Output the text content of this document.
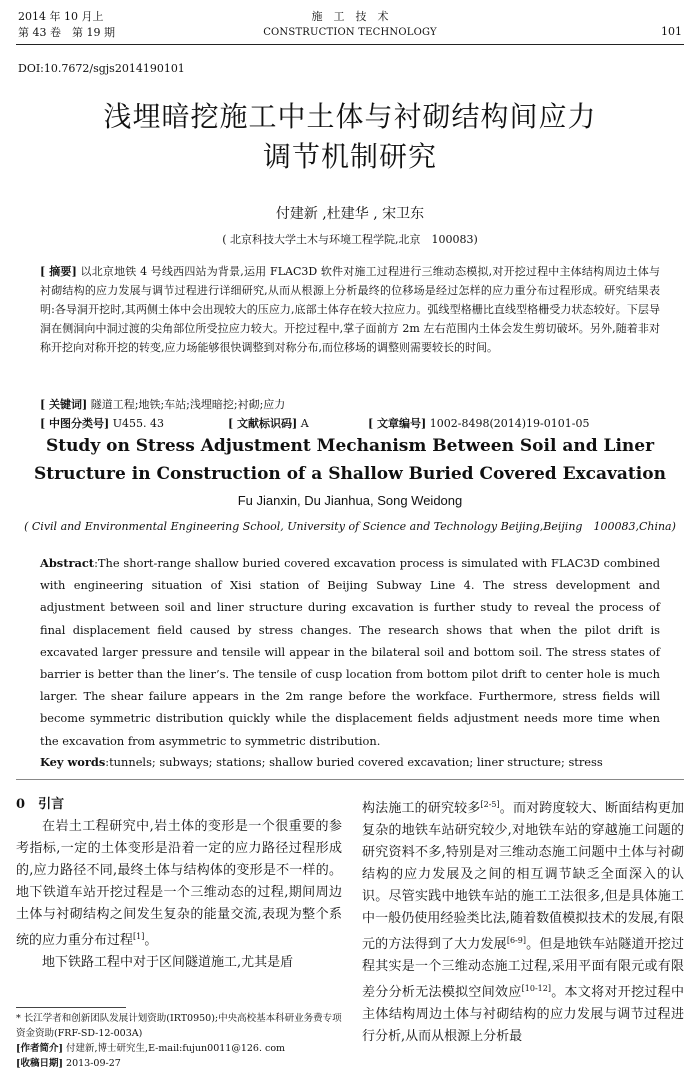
2014 年 10 月上
第 43 卷　第 19 期
施　工　技　术
CONSTRUCTION TECHNOLOGY	101
DOI:10.7672/sgjs2014190101
浅埋暗挖施工中土体与衬砌结构间应力
调节机制研究
付建新 ,杜建华 , 宋卫东
( 北京科技大学土木与环境工程学院,北京　100083)
[ 摘要] 以北京地铁 4 号线西四站为背景,运用 FLAC3D 软件对施工过程进行三维动态模拟,对开挖过程中主体结构周边土体与衬砌结构的应力发展与调节过程进行详细研究,从而从根源上分析最终的位移场是经过怎样的应力重分布过程形成。研究结果表明:各导洞开挖时,其两侧土体中会出现较大的压应力,底部土体存在较大拉应力。弧线型格栅比直线型格栅受力状态较好。下层导洞在侧洞向中洞过渡的尖角部位所受拉应力较大。开挖过程中,掌子面前方 2m 左右范围内土体会发生剪切破坏。另外,随着非对称开挖向对称开挖的转变,应力场能够很快调整到对称分布,而位移场的调整则需要较长的时间。
[ 关键词] 隧道工程;地铁;车站;浅埋暗挖;衬砌;应力
[ 中图分类号] U455. 43	[ 文献标识码] A	[ 文章编号] 1002-8498(2014)19-0101-05
Study on Stress Adjustment Mechanism Between Soil and Liner
Structure in Construction of a Shallow Buried Covered Excavation
Fu Jianxin, Du Jianhua, Song Weidong
( Civil and Environmental Engineering School, University of Science and Technology Beijing,Beijing　100083,China)
Abstract:The short-range shallow buried covered excavation process is simulated with FLAC3D combined with engineering situation of Xisi station of Beijing Subway Line 4. The stress development and adjustment between soil and liner structure during excavation is further study to reveal the process of final displacement field caused by stress changes. The research shows that when the pilot drift is excavated larger pressure and tensile will appear in the bilateral soil and bottom soil. The stress states of barrier is better than the liner’s. The tensile of cusp location from bottom pilot drift to center hole is much larger. The shear failure appears in the 2m range before the workface. Furthermore, stress fields will become symmetric distribution quickly while the displacement fields adjustment needs more time when the excavation from asymmetric to symmetric distribution.
Key words:tunnels; subways; stations; shallow buried covered excavation; liner structure; stress
0　 引言

在岩土工程研究中,岩土体的变形是一个很重要的参考指标,一定的土体变形是沿着一定的应力路径过程形成的,应力路径不同,最终土体与结构体的变形是不一样的。地下铁道车站开挖过程是一个三维动态的过程,期间周边土体与衬砌结构之间发生复杂的能量交流,表现为整个系统的应力重分布过程[1]。

地下铁路工程中对于区间隧道施工,尤其是盾

构法施工的研究较多[2-5]。而对跨度较大、断面结构更加复杂的地铁车站研究较少,对地铁车站的穿越施工问题的研究资料不多,特别是对三维动态施工问题中土体与衬砌结构的应力发展及之间的相互调节缺乏全面深入的认识。尽管实践中地铁车站的施工工法很多,但是具体施工中一般仍使用经验类比法,随着数值模拟技术的发展,有限元的方法得到了大力发展[6-9]。但是地铁车站隧道开挖过程其实是一个三维动态施工过程,采用平面有限元或有限差分分析无法模拟空间效应[10-12]。本文将对开挖过程中主体结构周边土体与衬砌结构的应力发展与调节过程进行分析,从而从根源上分析最
* 长江学者和创新团队发展计划资助(IRT0950);中央高校基本科研业务费专项资金资助(FRF-SD-12-003A)
[作者简介] 付建新,博士研究生,E-mail:fujun0011@126. com
[收稿日期] 2013-09-27
